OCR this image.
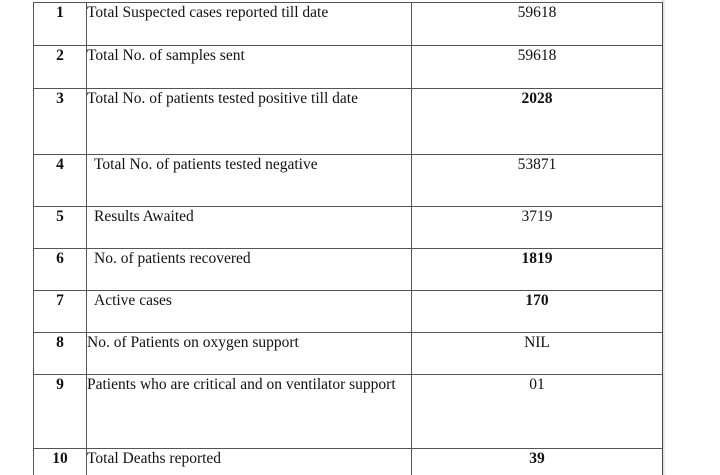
1	Total Suspected cases reported till date	59618
2	Total No. of samples sent	59618
3	Total No. of patients tested positive till date	2028
4	Total No. of patients tested negative	53871
5	Results Awaited	3719
6	No. of patients recovered	1819
7	Active cases	170
8	No. of Patients on oxygen support	NIL
9	Patients who are critical and on ventilator support	01
10	Total Deaths reported	39
